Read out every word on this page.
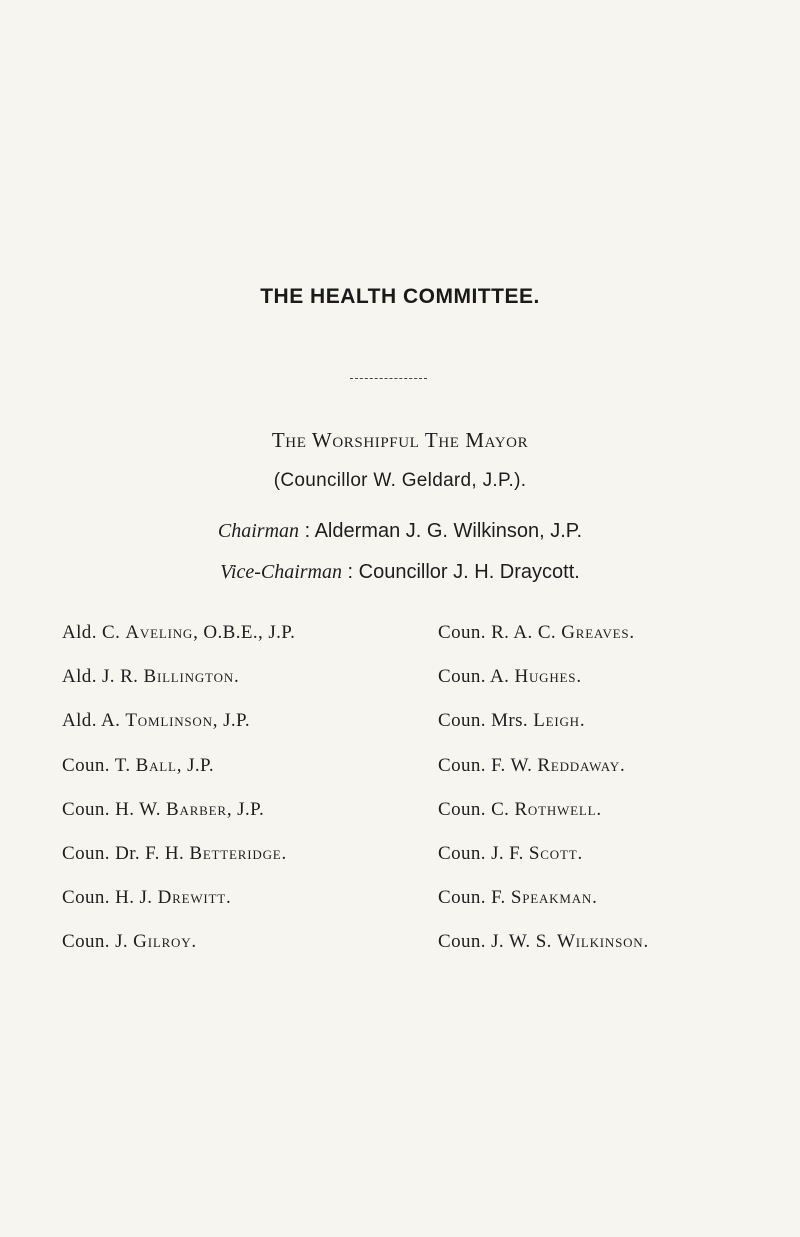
THE HEALTH COMMITTEE.
The Worshipful The Mayor
(Councillor W. Geldard, J.P.).
Chairman : Alderman J. G. Wilkinson, J.P.
Vice-Chairman : Councillor J. H. Draycott.
Ald. C. Aveling, O.B.E., J.P.
Ald. J. R. Billington.
Ald. A. Tomlinson, J.P.
Coun. T. Ball, J.P.
Coun. H. W. Barber, J.P.
Coun. Dr. F. H. Betteridge.
Coun. H. J. Drewitt.
Coun. J. Gilroy.
Coun. R. A. C. Greaves.
Coun. A. Hughes.
Coun. Mrs. Leigh.
Coun. F. W. Reddaway.
Coun. C. Rothwell.
Coun. J. F. Scott.
Coun. F. Speakman.
Coun. J. W. S. Wilkinson.
